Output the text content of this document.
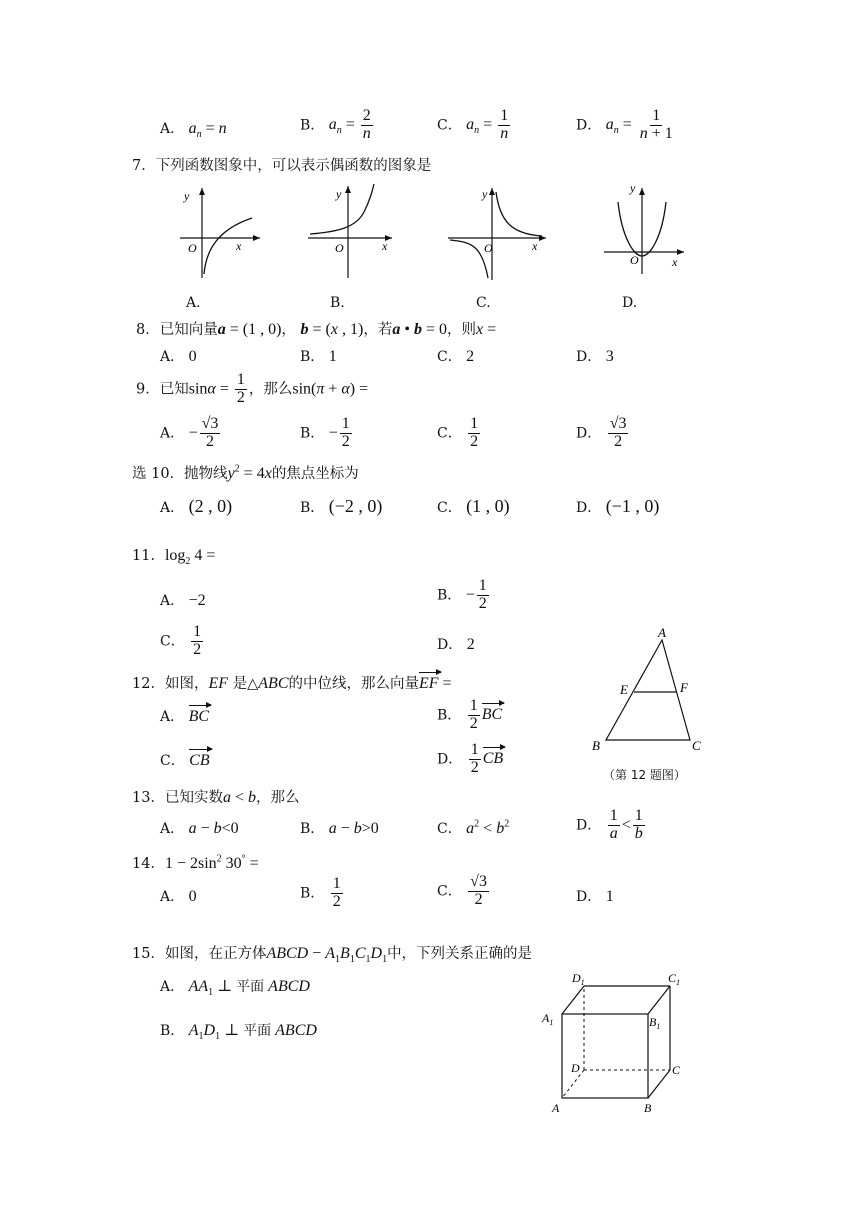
A． $a_n = n$	B． $a_n = \frac{2}{n}$	C． $a_n = \frac{1}{n}$	D． $a_n = \frac{1}{n + 1}$
7．下列函数图象中，可以表示偶函数的图象是
y
O	x
A.
y
O	x
B.
y
O	x
C.
y
O	x
D.
8．已知向量a = (1 , 0)， b = (x , 1)，若a • b = 0，则x =
A． 0	B． 1	C． 2	D． 3
9．已知$\sin\alpha = \frac{1}{2}$ ，那么sin(π + α) =
A． − $\frac{√3}{2}$	B． − $\frac{1}{2}$	C． $\frac{1}{2}$	D． $\frac{√3}{2}$
选 10．抛物线$y^2 = 4x$的焦点坐标为
A． (2 , 0)	B． (−2 , 0)	C． (1 , 0)	D． (−1 , 0)
11．$\log_2 4$ =
A． −2	B． − $\frac{1}{2}$
C． $\frac{1}{2}$	D． 2
A
E	F
B	C
（第 12 题图）
12．如图，EF 是△ABC的中位线，那么向量EF =
A． BC	B． $\frac{1}{2}$ BC
C． CB	D． $\frac{1}{2}$ CB
13．已知实数a < b，那么
A． a − b<0	B． a − b>0	C． $a^2 < b^2$	D． $\frac{1}{a} < \frac{1}{b}$
14．$1 - 2\sin^2$ 30° =
A． 0	B． $\frac{1}{2}$	C． $\frac{√3}{2}$	D． 1
15．如图，在正方体ABCD − $A_1B_1C_1D_1$中，下列关系正确的是
A． $AA_1$ ⊥ 平面 ABCD
B． $A_1D_1$ ⊥ 平面 ABCD
$D_1$	$C_1$
$A_1$	$B_1$
D	C
A	B
